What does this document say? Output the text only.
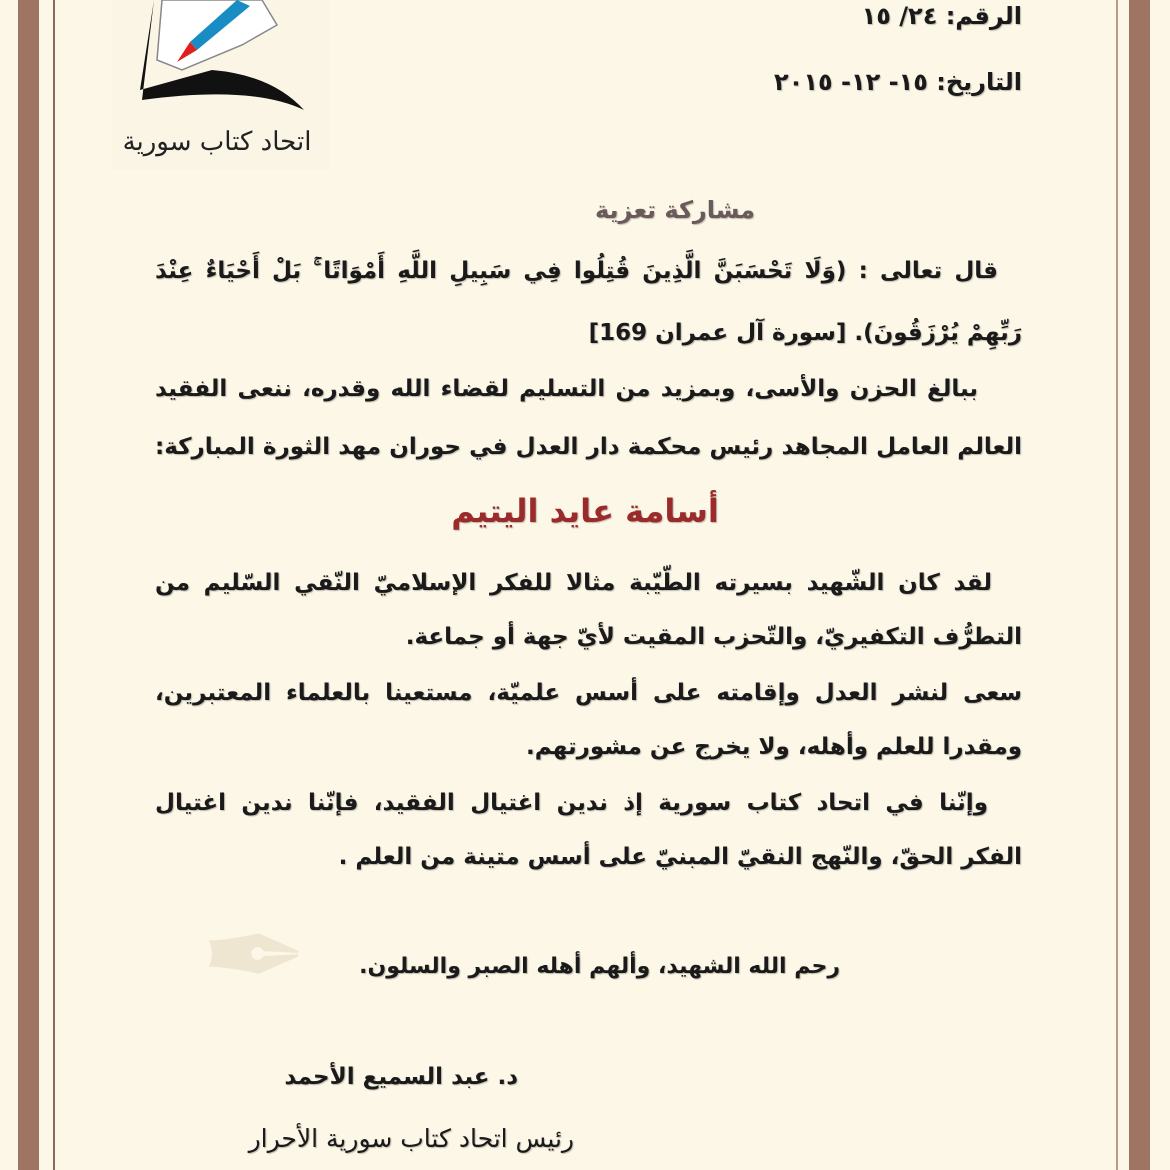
✒
اتحاد كتاب سورية
الرقم: ٢٤/ ١٥
التاريخ: ١٥- ١٢- ٢٠١٥
مشاركة تعزية
قال تعالى : (وَلَا تَحْسَبَنَّ الَّذِينَ قُتِلُوا فِي سَبِيلِ اللَّهِ أَمْوَاتًا ۚ بَلْ أَحْيَاءٌ عِنْدَ
رَبِّهِمْ يُرْزَقُونَ). [سورة آل عمران 169]
ببالغ الحزن والأسى، وبمزيد من التسليم لقضاء الله وقدره، ننعى الفقيد
العالم العامل المجاهد رئيس محكمة دار العدل في حوران مهد الثورة المباركة:
أسامة عايد اليتيم
لقد كان الشّهيد بسيرته الطّيّبة مثالا للفكر الإسلاميّ النّقي السّليم من
التطرُّف التكفيريّ، والتّحزب المقيت لأيّ جهة أو جماعة.
سعى لنشر العدل وإقامته على أسس علميّة، مستعينا بالعلماء المعتبرين،
ومقدرا للعلم وأهله، ولا يخرج عن مشورتهم.
وإنّنا في اتحاد كتاب سورية إذ ندين اغتيال الفقيد، فإنّنا ندين اغتيال
الفكر الحقّ، والنّهج النقيّ المبنيّ على أسس متينة من العلم .
رحم الله الشهيد، وألهم أهله الصبر والسلون.
د. عبد السميع الأحمد
رئيس اتحاد كتاب سورية الأحرار
